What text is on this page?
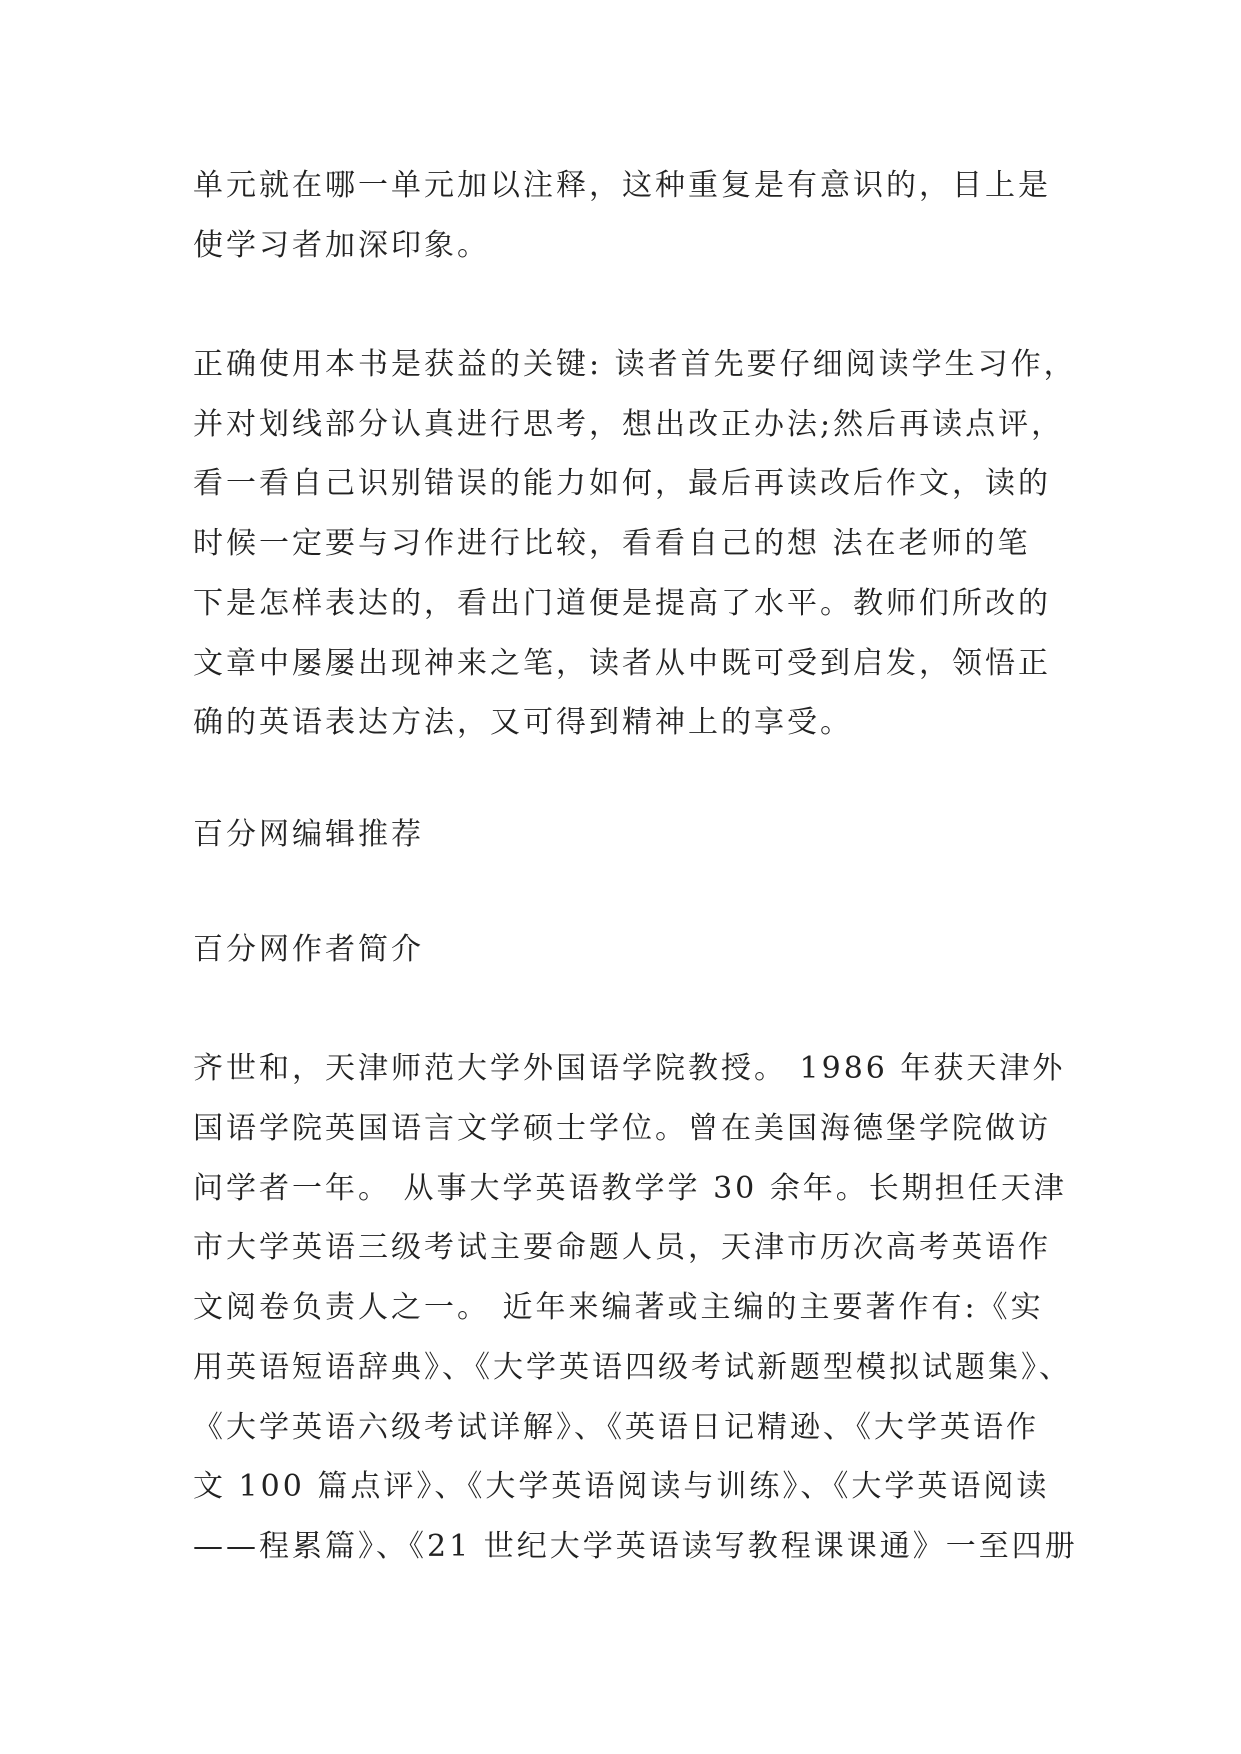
单元就在哪一单元加以注释，这种重复是有意识的，目上是
使学习者加深印象。
正确使用本书是获益的关键: 读者首先要仔细阅读学生习作，
并对划线部分认真进行思考，想出改正办法;然后再读点评，
看一看自己识别错误的能力如何，最后再读改后作文，读的
时候一定要与习作进行比较，看看自己的想 法在老师的笔
下是怎样表达的，看出门道便是提高了水平。教师们所改的
文章中屡屡出现神来之笔，读者从中既可受到启发，领悟正
确的英语表达方法，又可得到精神上的享受。
百分网编辑推荐
百分网作者简介
齐世和，天津师范大学外国语学院教授。 1986 年获天津外
国语学院英国语言文学硕士学位。曾在美国海德堡学院做访
问学者一年。 从事大学英语教学学 30 余年。长期担任天津
市大学英语三级考试主要命题人员，天津市历次高考英语作
文阅卷负责人之一。 近年来编著或主编的主要著作有:《实
用英语短语辞典》、《大学英语四级考试新题型模拟试题集》、
《大学英语六级考试详解》、《英语日记精逊、《大学英语作
文 100 篇点评》、《大学英语阅读与训练》、《大学英语阅读
——程累篇》、《21 世纪大学英语读写教程课课通》一至四册
